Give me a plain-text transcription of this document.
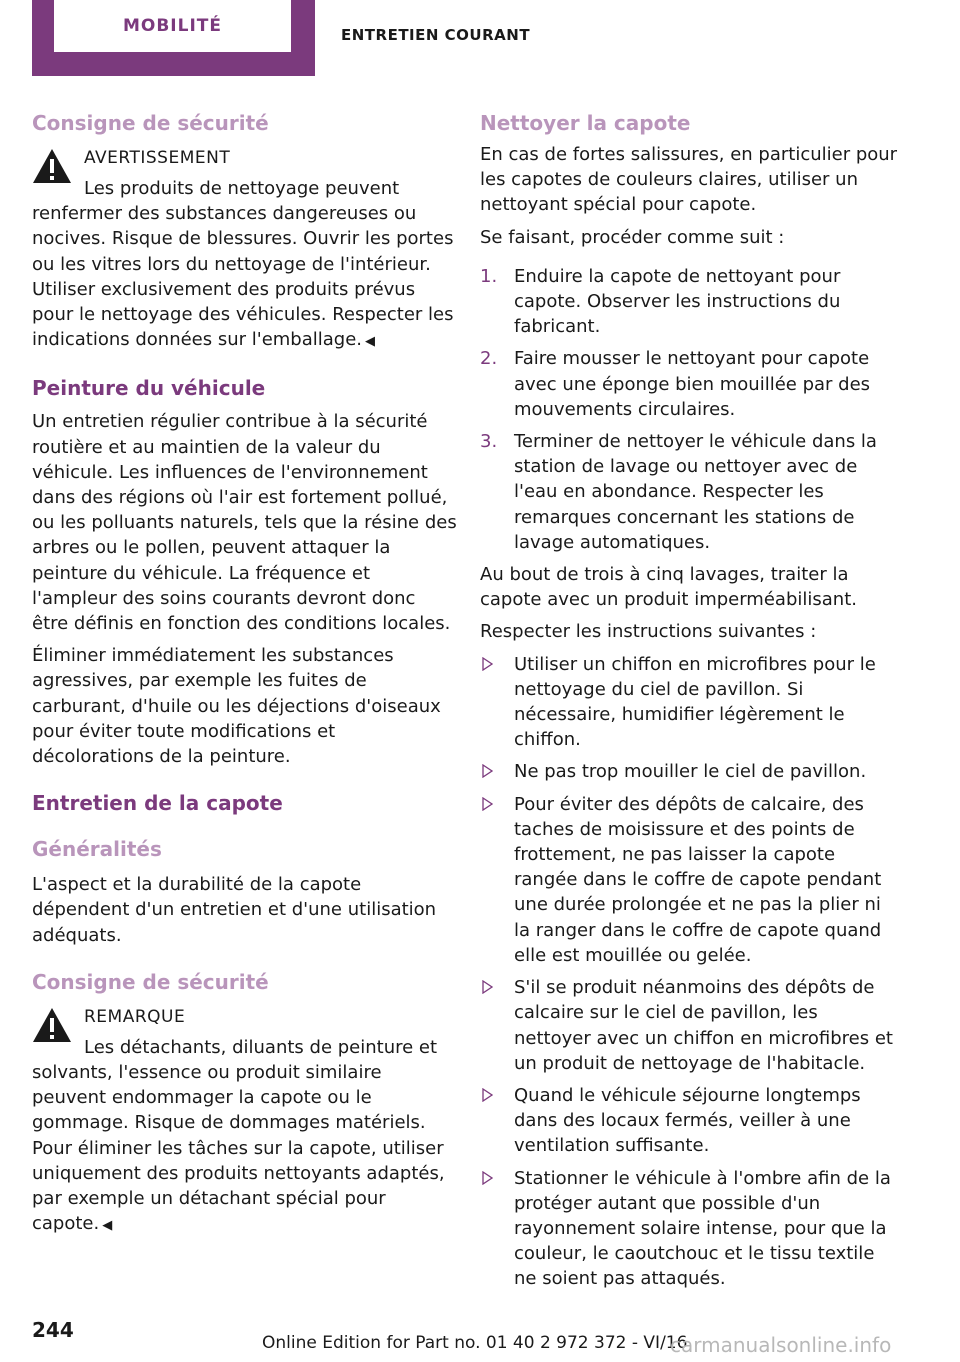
MOBILITÉ	ENTRETIEN COURANT
Consigne de sécurité
AVERTISSEMENT

Les produits de nettoyage peuvent renfermer des substances dangereuses ou nocives. Risque de blessures. Ouvrir les portes ou les vitres lors du nettoyage de l'intérieur. Utiliser exclusivement des produits prévus pour le nettoyage des véhicules. Respecter les indications données sur l'emballage. ◀

Peinture du véhicule

Un entretien régulier contribue à la sécurité routière et au maintien de la valeur du véhicule. Les influences de l'environnement dans des régions où l'air est fortement pollué, ou les polluants naturels, tels que la résine des arbres ou le pollen, peuvent attaquer la peinture du véhicule. La fréquence et l'ampleur des soins courants devront donc être définis en fonction des conditions locales.

Éliminer immédiatement les substances agressives, par exemple les fuites de carburant, d'huile ou les déjections d'oiseaux pour éviter toute modifications et décolorations de la peinture.

Entretien de la capote
Généralités

L'aspect et la durabilité de la capote dépendent d'un entretien et d'une utilisation adéquats.

Consigne de sécurité
REMARQUE

Les détachants, diluants de peinture et solvants, l'essence ou produit similaire peuvent endommager la capote ou le gommage. Risque de dommages matériels. Pour éliminer les tâches sur la capote, utiliser uniquement des produits nettoyants adaptés, par exemple un détachant spécial pour capote. ◀

Nettoyer la capote

En cas de fortes salissures, en particulier pour les capotes de couleurs claires, utiliser un nettoyant spécial pour capote.

Se faisant, procéder comme suit :

1. Enduire la capote de nettoyant pour capote. Observer les instructions du fabricant.
2. Faire mousser le nettoyant pour capote avec une éponge bien mouillée par des mouvements circulaires.
3. Terminer de nettoyer le véhicule dans la station de lavage ou nettoyer avec de l'eau en abondance. Respecter les remarques concernant les stations de lavage automatiques.

Au bout de trois à cinq lavages, traiter la capote avec un produit imperméabilisant.

Respecter les instructions suivantes :

Utiliser un chiffon en microfibres pour le nettoyage du ciel de pavillon. Si nécessaire, humidifier légèrement le chiffon.
Ne pas trop mouiller le ciel de pavillon.
Pour éviter des dépôts de calcaire, des taches de moisissure et des points de frottement, ne pas laisser la capote rangée dans le coffre de capote pendant une durée prolongée et ne pas la plier ni la ranger dans le coffre de capote quand elle est mouillée ou gelée.
S'il se produit néanmoins des dépôts de calcaire sur le ciel de pavillon, les nettoyer avec un chiffon en microfibres et un produit de nettoyage de l'habitacle.
Quand le véhicule séjourne longtemps dans des locaux fermés, veiller à une ventilation suffisante.
Stationner le véhicule à l'ombre afin de la protéger autant que possible d'un rayonnement solaire intense, pour que la couleur, le caoutchouc et le tissu textile ne soient pas attaqués.
244
Online Edition for Part no. 01 40 2 972 372 - VI/16
carmanualsonline.info
